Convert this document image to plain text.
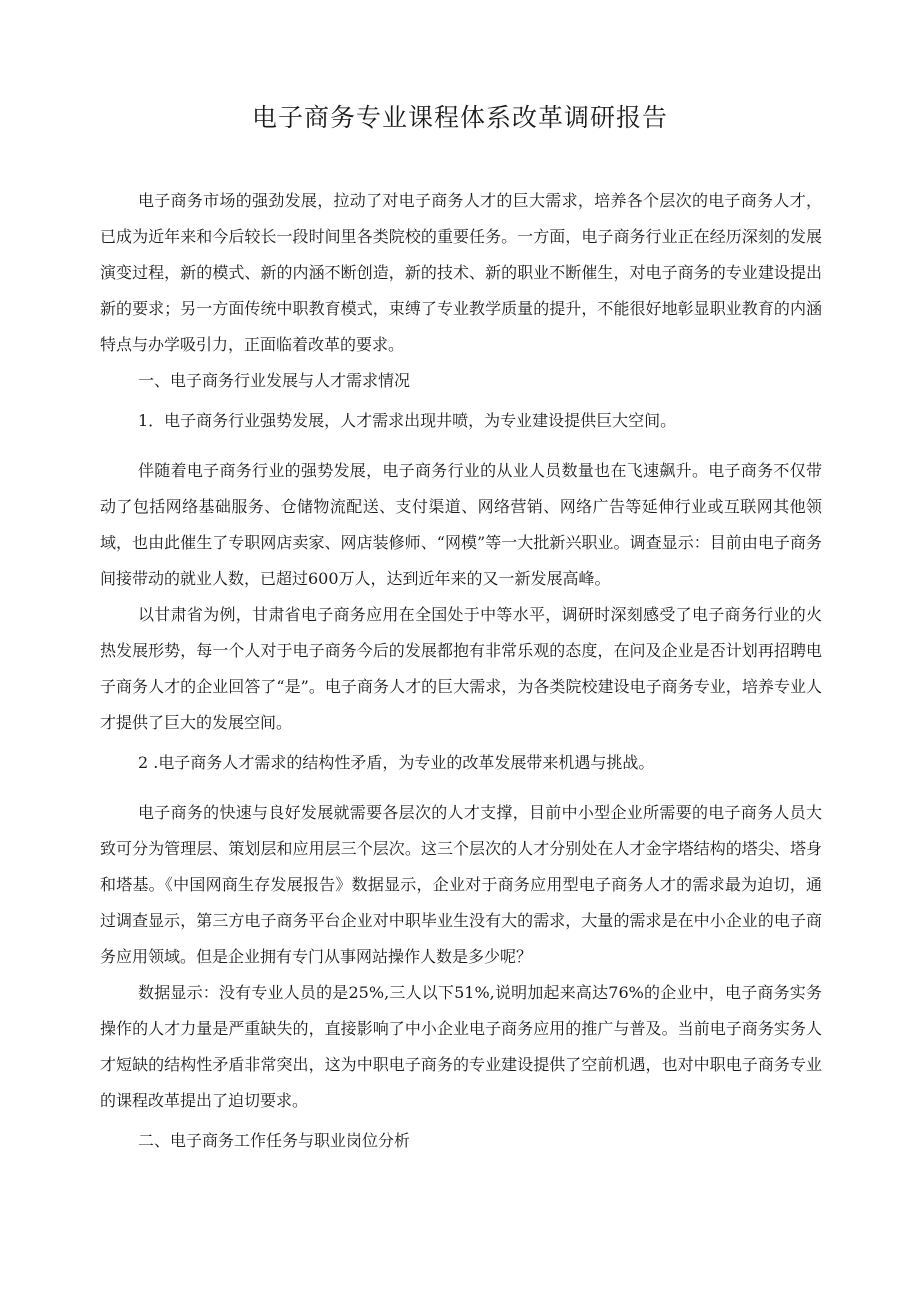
电子商务专业课程体系改革调研报告

电子商务市场的强劲发展，拉动了对电子商务人才的巨大需求，培养各个层次的电子商务人才，已成为近年来和今后较长一段时间里各类院校的重要任务。一方面，电子商务行业正在经历深刻的发展演变过程，新的模式、新的内涵不断创造，新的技术、新的职业不断催生，对电子商务的专业建设提出新的要求；另一方面传统中职教育模式，束缚了专业教学质量的提升，不能很好地彰显职业教育的内涵特点与办学吸引力，正面临着改革的要求。

一、电子商务行业发展与人才需求情况

1．电子商务行业强势发展，人才需求出现井喷，为专业建设提供巨大空间。

伴随着电子商务行业的强势发展，电子商务行业的从业人员数量也在飞速飙升。电子商务不仅带动了包括网络基础服务、仓储物流配送、支付渠道、网络营销、网络广告等延伸行业或互联网其他领域，也由此催生了专职网店卖家、网店装修师、“网模”等一大批新兴职业。调查显示：目前由电子商务间接带动的就业人数，已超过600万人，达到近年来的又一新发展高峰。

以甘肃省为例，甘肃省电子商务应用在全国处于中等水平，调研时深刻感受了电子商务行业的火热发展形势，每一个人对于电子商务今后的发展都抱有非常乐观的态度，在问及企业是否计划再招聘电子商务人才的企业回答了“是”。电子商务人才的巨大需求，为各类院校建设电子商务专业，培养专业人才提供了巨大的发展空间。

2 .电子商务人才需求的结构性矛盾，为专业的改革发展带来机遇与挑战。

电子商务的快速与良好发展就需要各层次的人才支撑，目前中小型企业所需要的电子商务人员大致可分为管理层、策划层和应用层三个层次。这三个层次的人才分别处在人才金字塔结构的塔尖、塔身和塔基。《中国网商生存发展报告》数据显示，企业对于商务应用型电子商务人才的需求最为迫切，通过调查显示，第三方电子商务平台企业对中职毕业生没有大的需求，大量的需求是在中小企业的电子商务应用领域。但是企业拥有专门从事网站操作人数是多少呢？

数据显示：没有专业人员的是25%,三人以下51%,说明加起来高达76%的企业中，电子商务实务操作的人才力量是严重缺失的，直接影响了中小企业电子商务应用的推广与普及。当前电子商务实务人才短缺的结构性矛盾非常突出，这为中职电子商务的专业建设提供了空前机遇，也对中职电子商务专业的课程改革提出了迫切要求。

二、电子商务工作任务与职业岗位分析
